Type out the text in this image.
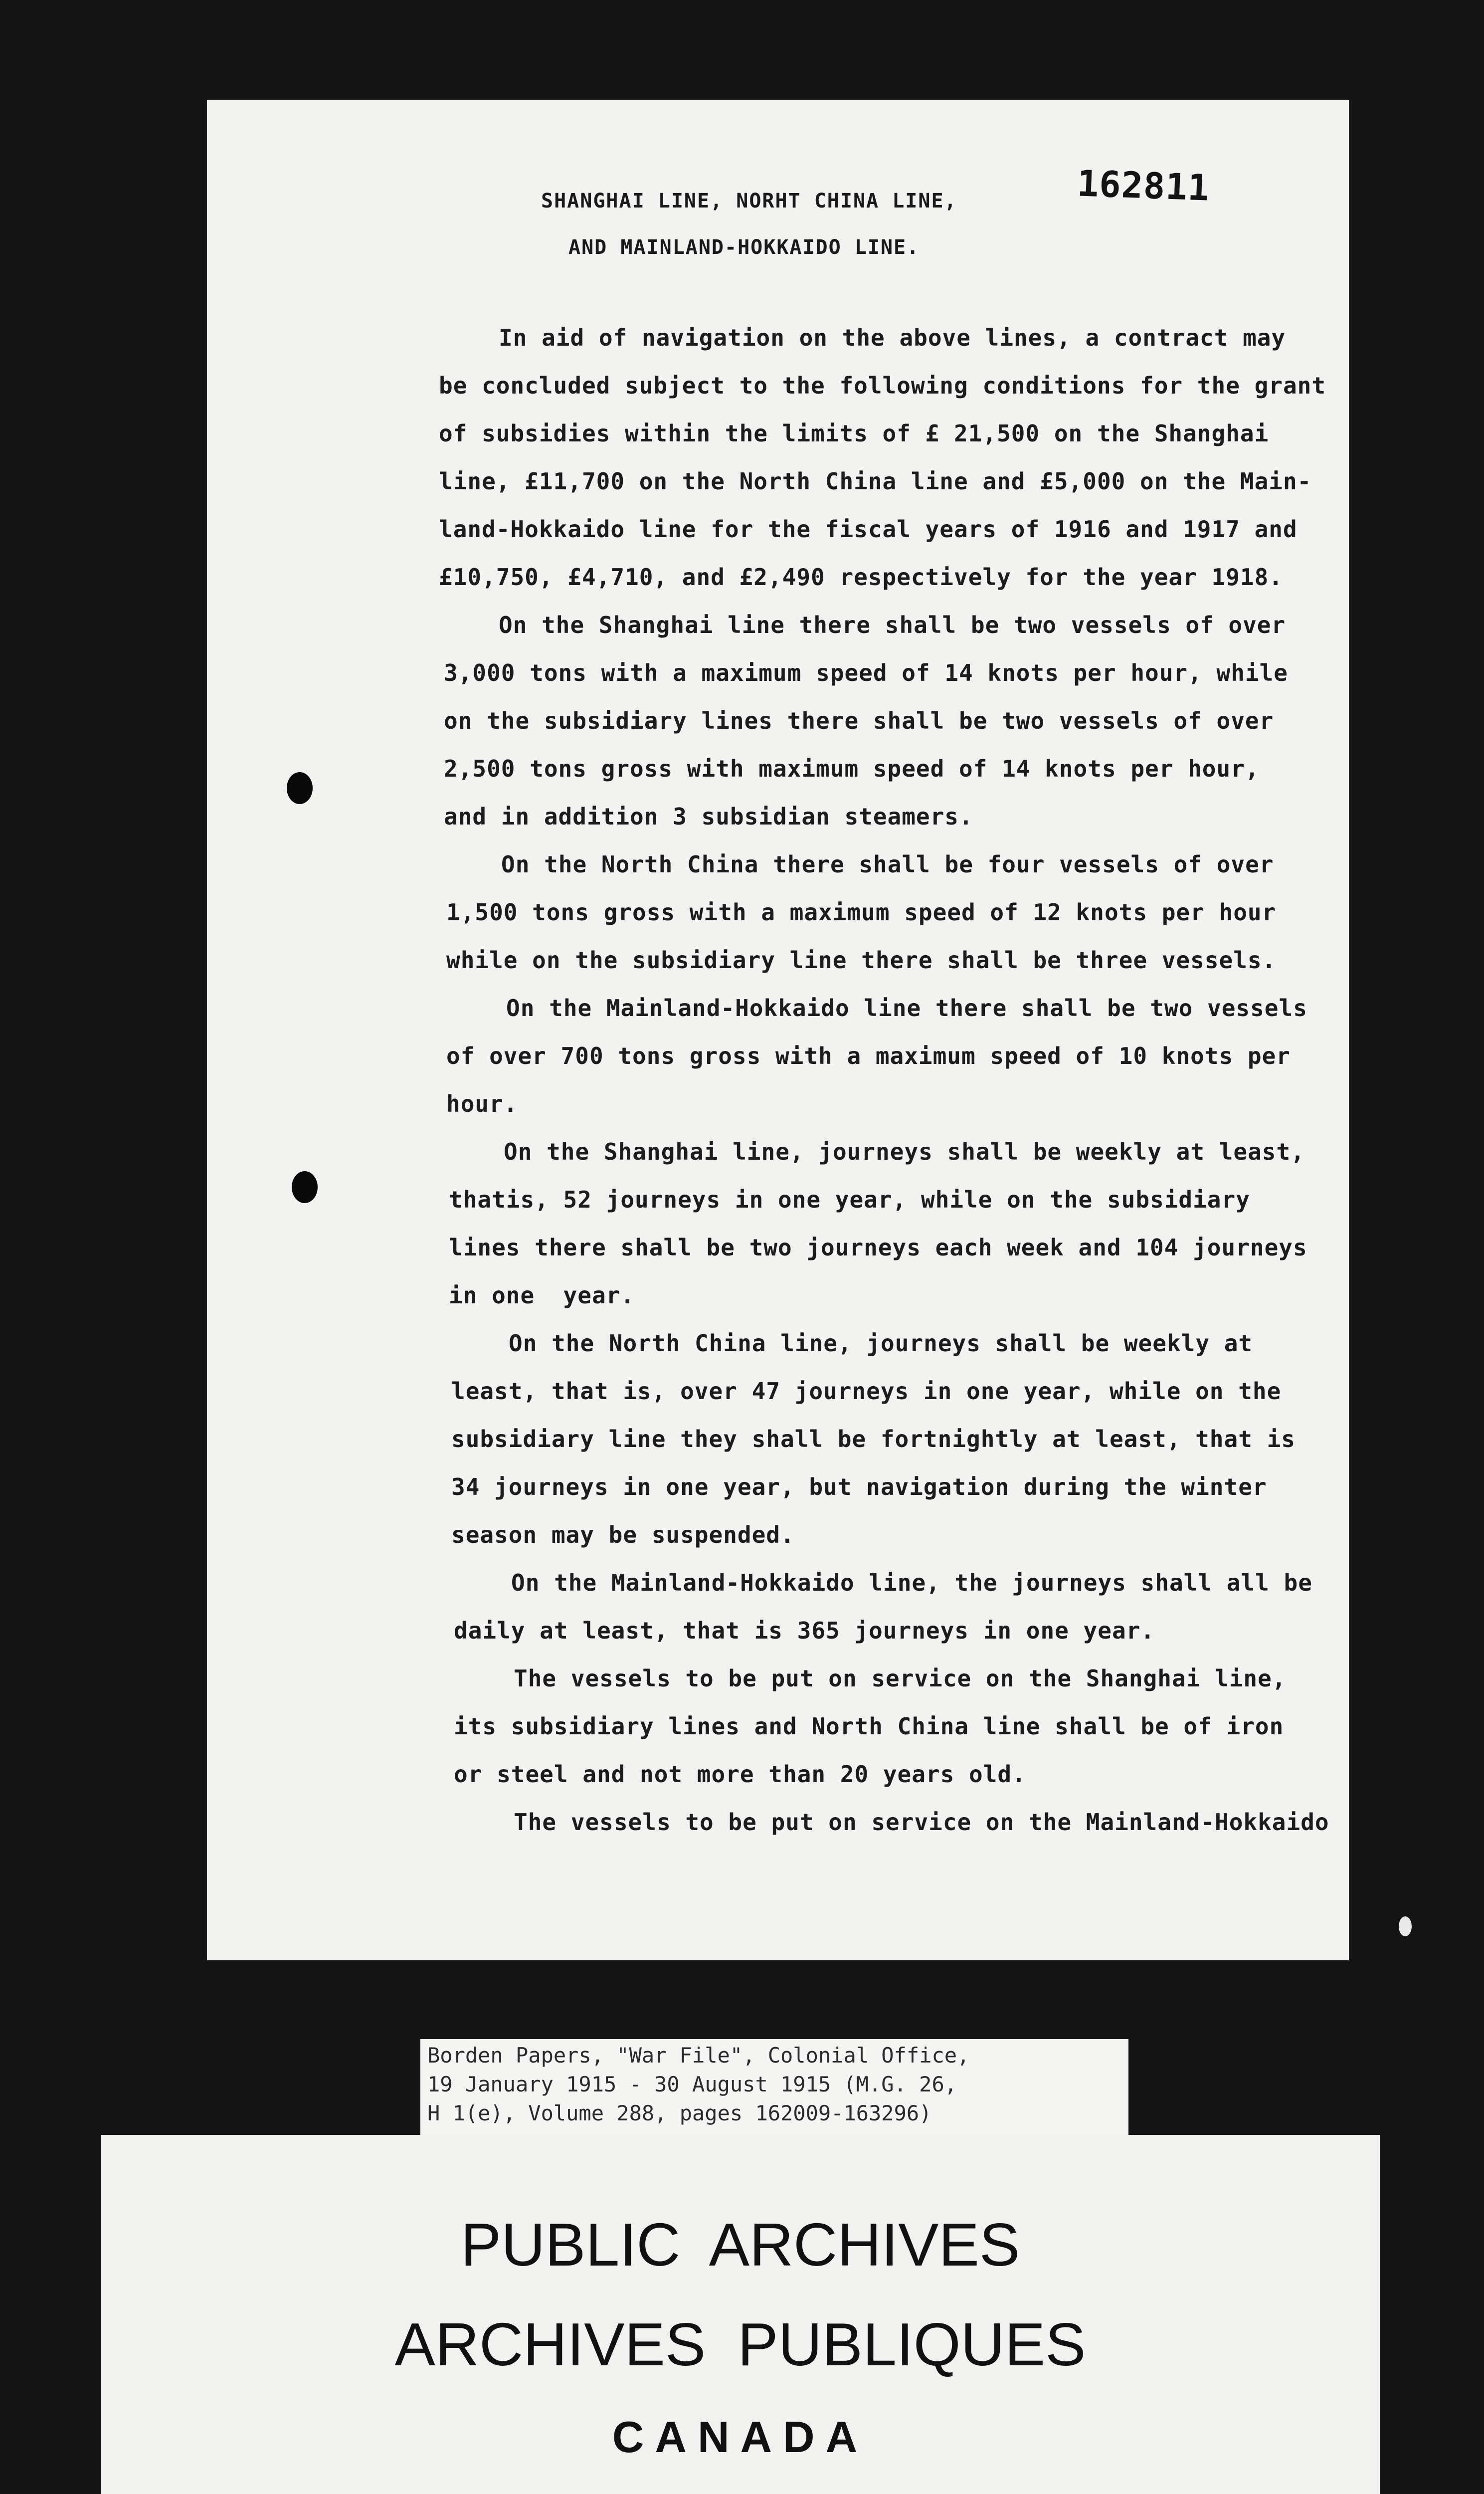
162811
SHANGHAI LINE, NORHT CHINA LINE,
AND MAINLAND-HOKKAIDO LINE.
In aid of navigation on the above lines, a contract may
be concluded subject to the following conditions for the grant
of subsidies within the limits of £ 21,500 on the Shanghai
line, £11,700 on the North China line and £5,000 on the Main-
land-Hokkaido line for the fiscal years of 1916 and 1917 and
£10,750, £4,710, and £2,490 respectively for the year 1918.
On the Shanghai line there shall be two vessels of over
3,000 tons with a maximum speed of 14 knots per hour, while
on the subsidiary lines there shall be two vessels of over
2,500 tons gross with maximum speed of 14 knots per hour,
and in addition 3 subsidian steamers.
On the North China there shall be four vessels of over
1,500 tons gross with a maximum speed of 12 knots per hour
while on the subsidiary line there shall be three vessels.
On the Mainland-Hokkaido line there shall be two vessels
of over 700 tons gross with a maximum speed of 10 knots per
hour.
On the Shanghai line, journeys shall be weekly at least,
thatis, 52 journeys in one year, while on the subsidiary
lines there shall be two journeys each week and 104 journeys
in one  year.
On the North China line, journeys shall be weekly at
least, that is, over 47 journeys in one year, while on the
subsidiary line they shall be fortnightly at least, that is
34 journeys in one year, but navigation during the winter
season may be suspended.
On the Mainland-Hokkaido line, the journeys shall all be
daily at least, that is 365 journeys in one year.
The vessels to be put on service on the Shanghai line,
its subsidiary lines and North China line shall be of iron
or steel and not more than 20 years old.
The vessels to be put on service on the Mainland-Hokkaido
Borden Papers, "War File", Colonial Office,
19 January 1915 - 30 August 1915 (M.G. 26,
H 1(e), Volume 288, pages 162009-163296)
PUBLIC ARCHIVES
ARCHIVES PUBLIQUES
CANADA
